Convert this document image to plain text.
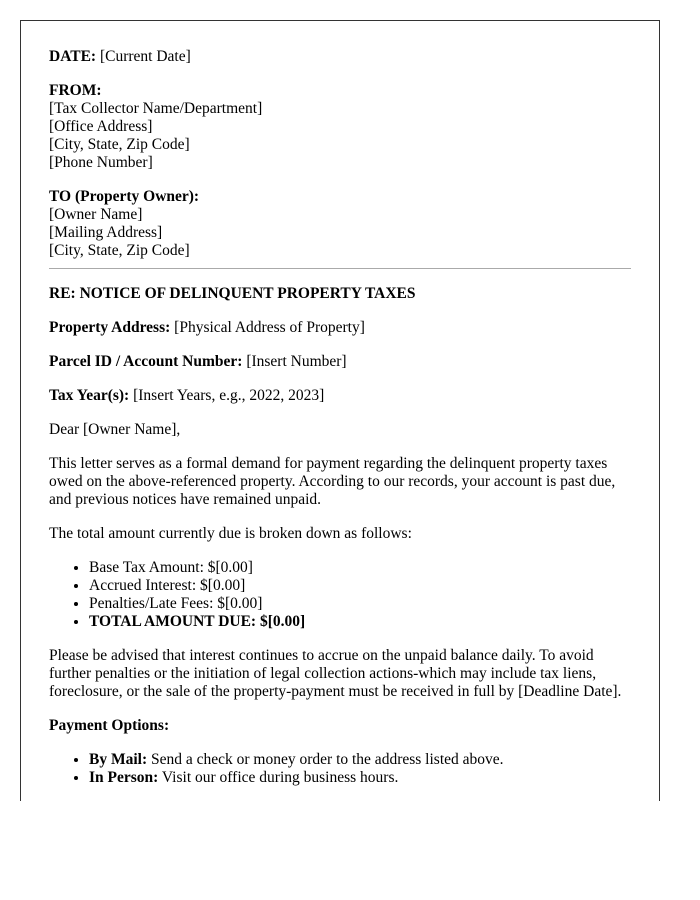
DATE: [Current Date]
FROM:
[Tax Collector Name/Department]
[Office Address]
[City, State, Zip Code]
[Phone Number]
TO (Property Owner):
[Owner Name]
[Mailing Address]
[City, State, Zip Code]
RE: NOTICE OF DELINQUENT PROPERTY TAXES
Property Address: [Physical Address of Property]
Parcel ID / Account Number: [Insert Number]
Tax Year(s): [Insert Years, e.g., 2022, 2023]
Dear [Owner Name],
This letter serves as a formal demand for payment regarding the delinquent property taxes owed on the above-referenced property. According to our records, your account is past due, and previous notices have remained unpaid.
The total amount currently due is broken down as follows:
• Base Tax Amount: $[0.00]
• Accrued Interest: $[0.00]
• Penalties/Late Fees: $[0.00]
• TOTAL AMOUNT DUE: $[0.00]
Please be advised that interest continues to accrue on the unpaid balance daily. To avoid further penalties or the initiation of legal collection actions-which may include tax liens, foreclosure, or the sale of the property-payment must be received in full by [Deadline Date].
Payment Options:
• By Mail: Send a check or money order to the address listed above.
• In Person: Visit our office during business hours.
